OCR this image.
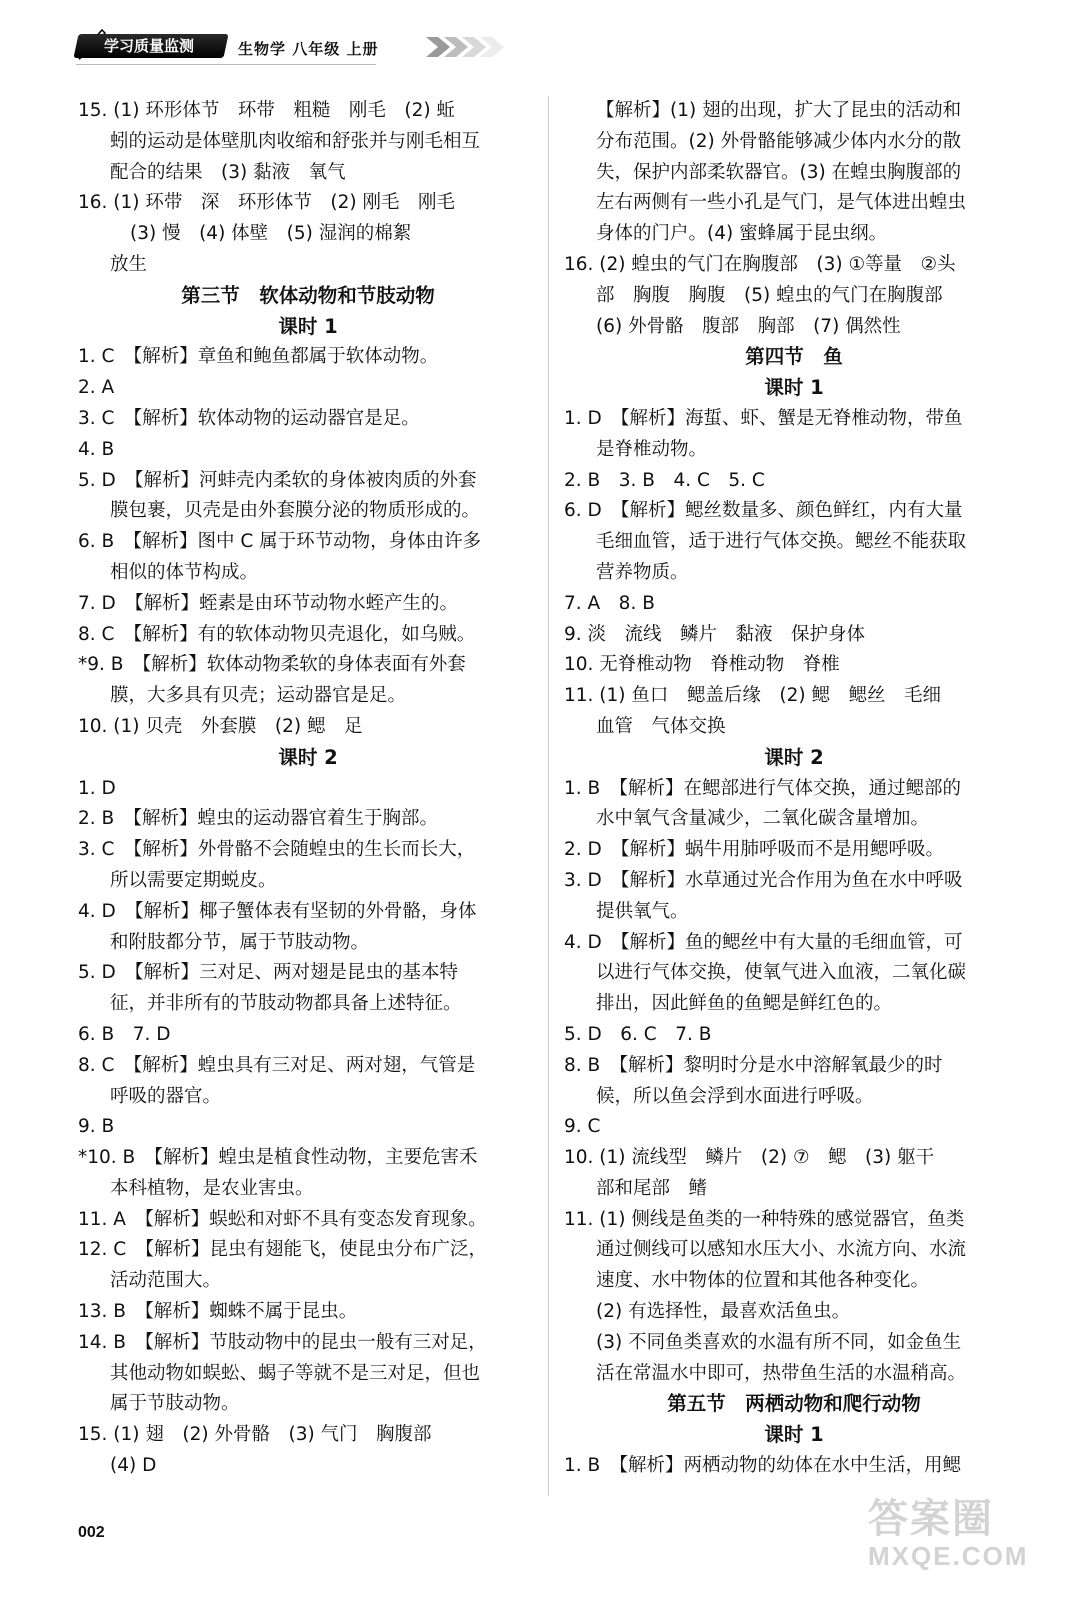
学习质量监测	生物学 八年级 上册
15. (1) 环形体节　环带　粗糙　刚毛　(2) 蚯
蚓的运动是体壁肌肉收缩和舒张并与刚毛相互
配合的结果　(3) 黏液　氧气
16. (1) 环带　深　环形体节　(2) 刚毛　刚毛
(3) 慢　(4) 体壁　(5) 湿润的棉絮
放生
第三节　软体动物和节肢动物
课时 1
1. C　【解析】章鱼和鲍鱼都属于软体动物。
2. A
3. C　【解析】软体动物的运动器官是足。
4. B
5. D　【解析】河蚌壳内柔软的身体被肉质的外套
膜包裹，贝壳是由外套膜分泌的物质形成的。
6. B　【解析】图中 C 属于环节动物，身体由许多
相似的体节构成。
7. D　【解析】蛭素是由环节动物水蛭产生的。
8. C　【解析】有的软体动物贝壳退化，如乌贼。
*9. B　【解析】软体动物柔软的身体表面有外套
膜，大多具有贝壳；运动器官是足。
10. (1) 贝壳　外套膜　(2) 鳃　足
课时 2
1. D
2. B　【解析】蝗虫的运动器官着生于胸部。
3. C　【解析】外骨骼不会随蝗虫的生长而长大，
所以需要定期蜕皮。
4. D　【解析】椰子蟹体表有坚韧的外骨骼，身体
和附肢都分节，属于节肢动物。
5. D　【解析】三对足、两对翅是昆虫的基本特
征，并非所有的节肢动物都具备上述特征。
6. B　7. D
8. C　【解析】蝗虫具有三对足、两对翅，气管是
呼吸的器官。
9. B
*10. B　【解析】蝗虫是植食性动物，主要危害禾
本科植物，是农业害虫。
11. A　【解析】蜈蚣和对虾不具有变态发育现象。
12. C　【解析】昆虫有翅能飞，使昆虫分布广泛，
活动范围大。
13. B　【解析】蜘蛛不属于昆虫。
14. B　【解析】节肢动物中的昆虫一般有三对足，
其他动物如蜈蚣、蝎子等就不是三对足，但也
属于节肢动物。
15. (1) 翅　(2) 外骨骼　(3) 气门　胸腹部
(4) D
【解析】(1) 翅的出现，扩大了昆虫的活动和
分布范围。(2) 外骨骼能够减少体内水分的散
失，保护内部柔软器官。(3) 在蝗虫胸腹部的
左右两侧有一些小孔是气门，是气体进出蝗虫
身体的门户。(4) 蜜蜂属于昆虫纲。
16. (2) 蝗虫的气门在胸腹部　(3) ①等量　②头
部　胸腹　胸腹　(5) 蝗虫的气门在胸腹部
(6) 外骨骼　腹部　胸部　(7) 偶然性
第四节　鱼
课时 1
1. D　【解析】海蜇、虾、蟹是无脊椎动物，带鱼
是脊椎动物。
2. B　3. B　4. C　5. C
6. D　【解析】鳃丝数量多、颜色鲜红，内有大量
毛细血管，适于进行气体交换。鳃丝不能获取
营养物质。
7. A　8. B
9. 淡　流线　鳞片　黏液　保护身体
10. 无脊椎动物　脊椎动物　脊椎
11. (1) 鱼口　鳃盖后缘　(2) 鳃　鳃丝　毛细
血管　气体交换
课时 2
1. B　【解析】在鳃部进行气体交换，通过鳃部的
水中氧气含量减少，二氧化碳含量增加。
2. D　【解析】蜗牛用肺呼吸而不是用鳃呼吸。
3. D　【解析】水草通过光合作用为鱼在水中呼吸
提供氧气。
4. D　【解析】鱼的鳃丝中有大量的毛细血管，可
以进行气体交换，使氧气进入血液，二氧化碳
排出，因此鲜鱼的鱼鳃是鲜红色的。
5. D　6. C　7. B
8. B　【解析】黎明时分是水中溶解氧最少的时
候，所以鱼会浮到水面进行呼吸。
9. C
10. (1) 流线型　鳞片　(2) ⑦　鳃　(3) 躯干
部和尾部　鳍
11. (1) 侧线是鱼类的一种特殊的感觉器官，鱼类
通过侧线可以感知水压大小、水流方向、水流
速度、水中物体的位置和其他各种变化。
(2) 有选择性，最喜欢活鱼虫。
(3) 不同鱼类喜欢的水温有所不同，如金鱼生
活在常温水中即可，热带鱼生活的水温稍高。
第五节　两栖动物和爬行动物
课时 1
1. B　【解析】两栖动物的幼体在水中生活，用鳃
002	答案圈
MXQE.COM
